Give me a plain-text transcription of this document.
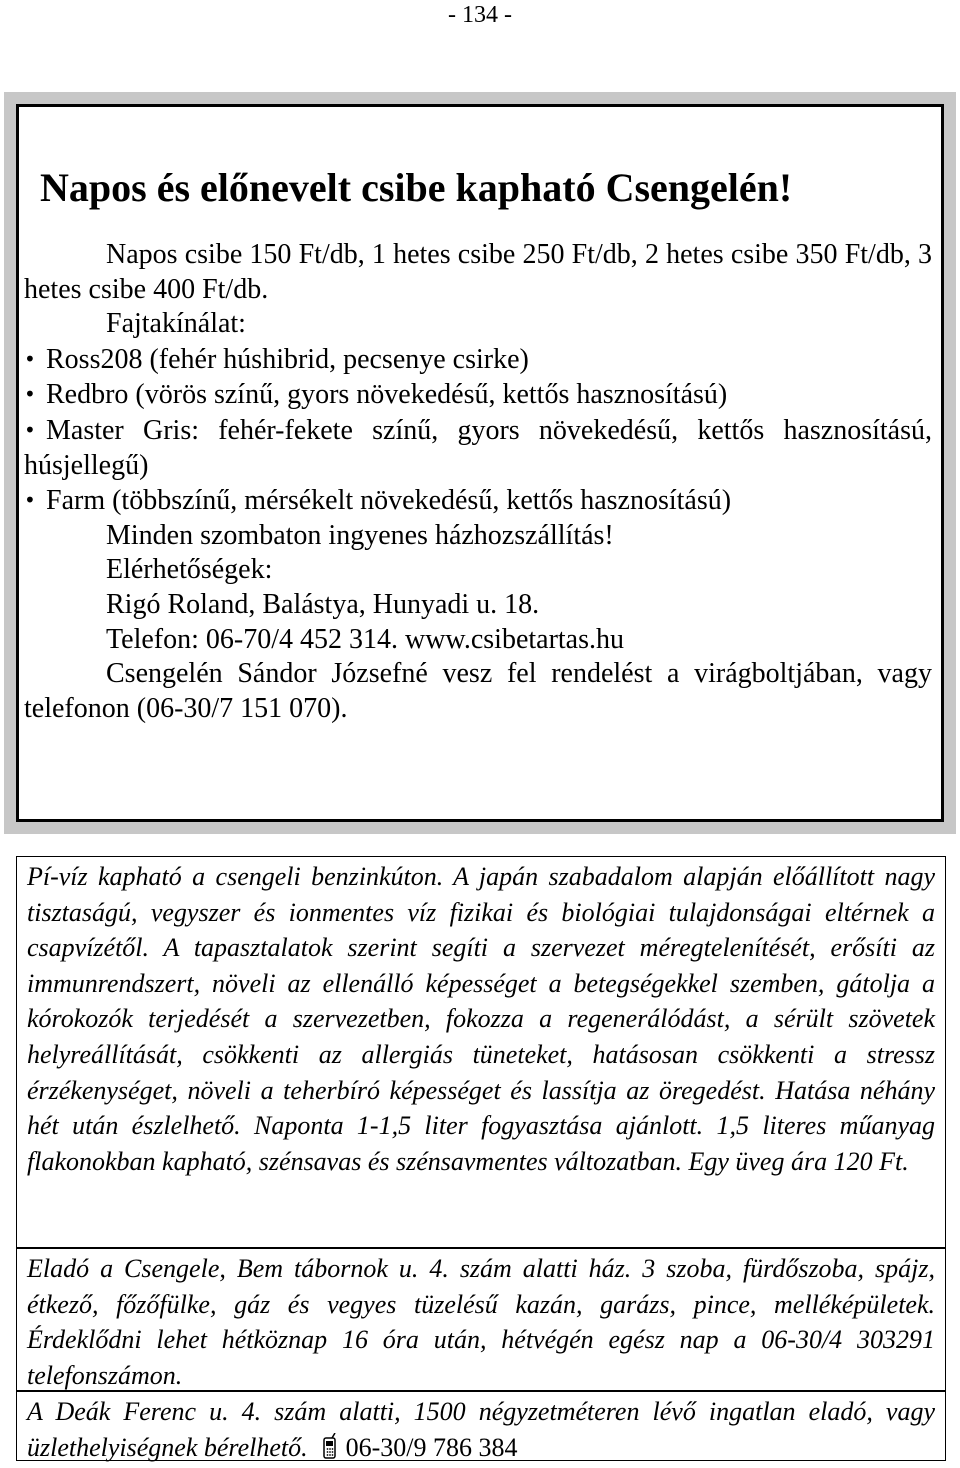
- 134 -
Napos és előnevelt csibe kapható Csengelén!

Napos csibe 150 Ft/db, 1 hetes csibe 250 Ft/db, 2 hetes csibe 350 Ft/db, 3 hetes csibe 400 Ft/db.

Fajtakínálat:

• Ross208 (fehér húshibrid, pecsenye csirke)

• Redbro (vörös színű, gyors növekedésű, kettős hasznosítású)

• Master Gris: fehér-fekete színű, gyors növekedésű, kettős hasznosítású, húsjellegű)

• Farm (többszínű, mérsékelt növekedésű, kettős hasznosítású)

Minden szombaton ingyenes házhozszállítás!

Elérhetőségek:

Rigó Roland, Balástya, Hunyadi u. 18.

Telefon: 06-70/4 452 314. www.csibetartas.hu

Csengelén Sándor Józsefné vesz fel rendelést a virágboltjában, vagy telefonon (06-30/7 151 070).

Pí-víz kapható a csengeli benzinkúton. A japán szabadalom alapján előállított nagy tisztaságú, vegyszer és ionmentes víz fizikai és biológiai tulajdonságai eltérnek a csapvízétől. A tapasztalatok szerint segíti a szervezet méregtelenítését, erősíti az immunrendszert, növeli az ellenálló képességet a betegségekkel szemben, gátolja a kórokozók terjedését a szervezetben, fokozza a regenerálódást, a sérült szövetek helyreállítását, csökkenti az allergiás tüneteket, hatásosan csökkenti a stressz érzékenységet, növeli a teherbíró képességet és lassítja az öregedést. Hatása néhány hét után észlelhető. Naponta 1-1,5 liter fogyasztása ajánlott. 1,5 literes műanyag flakonokban kapható, szénsavas és szénsavmentes változatban. Egy üveg ára 120 Ft.

Eladó a Csengele, Bem tábornok u. 4. szám alatti ház. 3 szoba, fürdőszoba, spájz, étkező, főzőfülke, gáz és vegyes tüzelésű kazán, garázs, pince, melléképületek. Érdeklődni lehet hétköznap 16 óra után, hétvégén egész nap a 06-30/4 303291 telefonszámon.

A Deák Ferenc u. 4. szám alatti, 1500 négyzetméteren lévő ingatlan eladó, vagy üzlethelyiségnek bérelhető. 06-30/9 786 384
